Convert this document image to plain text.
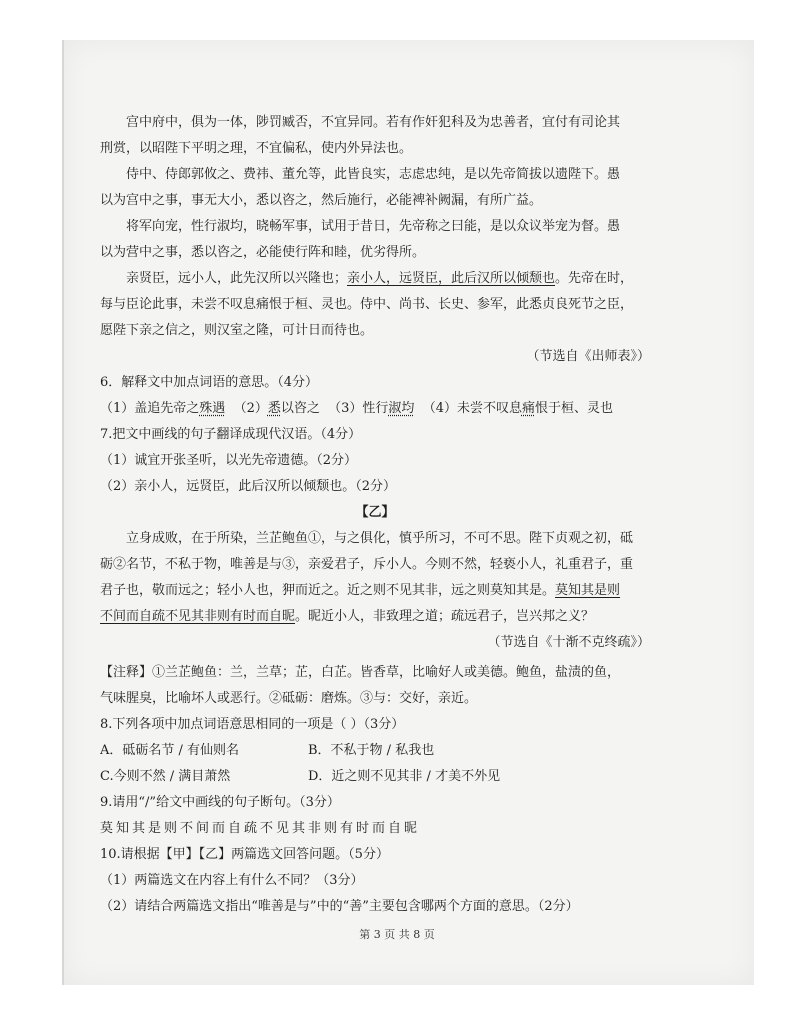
宫中府中，俱为一体，陟罚臧否，不宜异同。若有作奸犯科及为忠善者，宜付有司论其
刑赏，以昭陛下平明之理，不宜偏私，使内外异法也。
侍中、侍郎郭攸之、费祎、董允等，此皆良实，志虑忠纯，是以先帝简拔以遗陛下。愚
以为宫中之事，事无大小，悉以咨之，然后施行，必能裨补阙漏，有所广益。
将军向宠，性行淑均，晓畅军事，试用于昔日，先帝称之曰能，是以众议举宠为督。愚
以为营中之事，悉以咨之，必能使行阵和睦，优劣得所。
亲贤臣，远小人，此先汉所以兴隆也；亲小人，远贤臣，此后汉所以倾颓也。先帝在时，
每与臣论此事，未尝不叹息痛恨于桓、灵也。侍中、尚书、长史、参军，此悉贞良死节之臣，
愿陛下亲之信之，则汉室之隆，可计日而待也。
（节选自《出师表》）
6．解释文中加点词语的意思。（4分）
（1）盖追先帝之殊遇 （2）悉以咨之 （3）性行淑均 （4）未尝不叹息痛恨于桓、灵也
7.把文中画线的句子翻译成现代汉语。（4分）
（1）诚宜开张圣听，以光先帝遗德。（2分）
（2）亲小人，远贤臣，此后汉所以倾颓也。（2分）
【乙】
立身成败，在于所染，兰芷鲍鱼①，与之俱化，慎乎所习，不可不思。陛下贞观之初，砥
砺②名节，不私于物，唯善是与③，亲爱君子，斥小人。今则不然，轻亵小人，礼重君子，重
君子也，敬而远之；轻小人也，狎而近之。近之则不见其非，远之则莫知其是。莫知其是则
不间而自疏不见其非则有时而自昵。昵近小人，非致理之道；疏远君子，岂兴邦之义？
（节选自《十渐不克终疏》）
【注释】①兰芷鲍鱼：兰，兰草；芷，白芷。皆香草，比喻好人或美德。鲍鱼，盐渍的鱼，
气味腥臭，比喻坏人或恶行。②砥砺：磨炼。③与：交好，亲近。
8.下列各项中加点词语意思相同的一项是（ ）（3分）
A．砥砺名节 / 有仙则名	B．不私于物 / 私我也
C.今则不然 / 满目萧然	D．近之则不见其非 / 才美不外见
9.请用“/”给文中画线的句子断句。（3分）
莫知其是则不间而自疏不见其非则有时而自昵
10.请根据【甲】【乙】两篇选文回答问题。（5分）
（1）两篇选文在内容上有什么不同？（3分）
（2）请结合两篇选文指出“唯善是与”中的“善”主要包含哪两个方面的意思。（2分）
第 3 页 共 8 页
